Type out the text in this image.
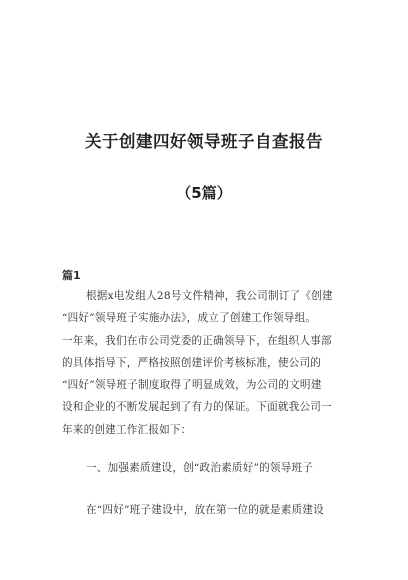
关于创建四好领导班子自查报告
（5篇）
篇1
根据x电发组人28号文件精神，我公司制订了《创建
“四好”领导班子实施办法》，成立了创建工作领导组。
一年来，我们在市公司党委的正确领导下，在组织人事部
的具体指导下，严格按照创建评价考核标准，使公司的
“四好”领导班子制度取得了明显成效，为公司的文明建
设和企业的不断发展起到了有力的保证。下面就我公司一
年来的创建工作汇报如下：
一、加强素质建设，创“政治素质好”的领导班子
在“四好”班子建设中，放在第一位的就是素质建设
